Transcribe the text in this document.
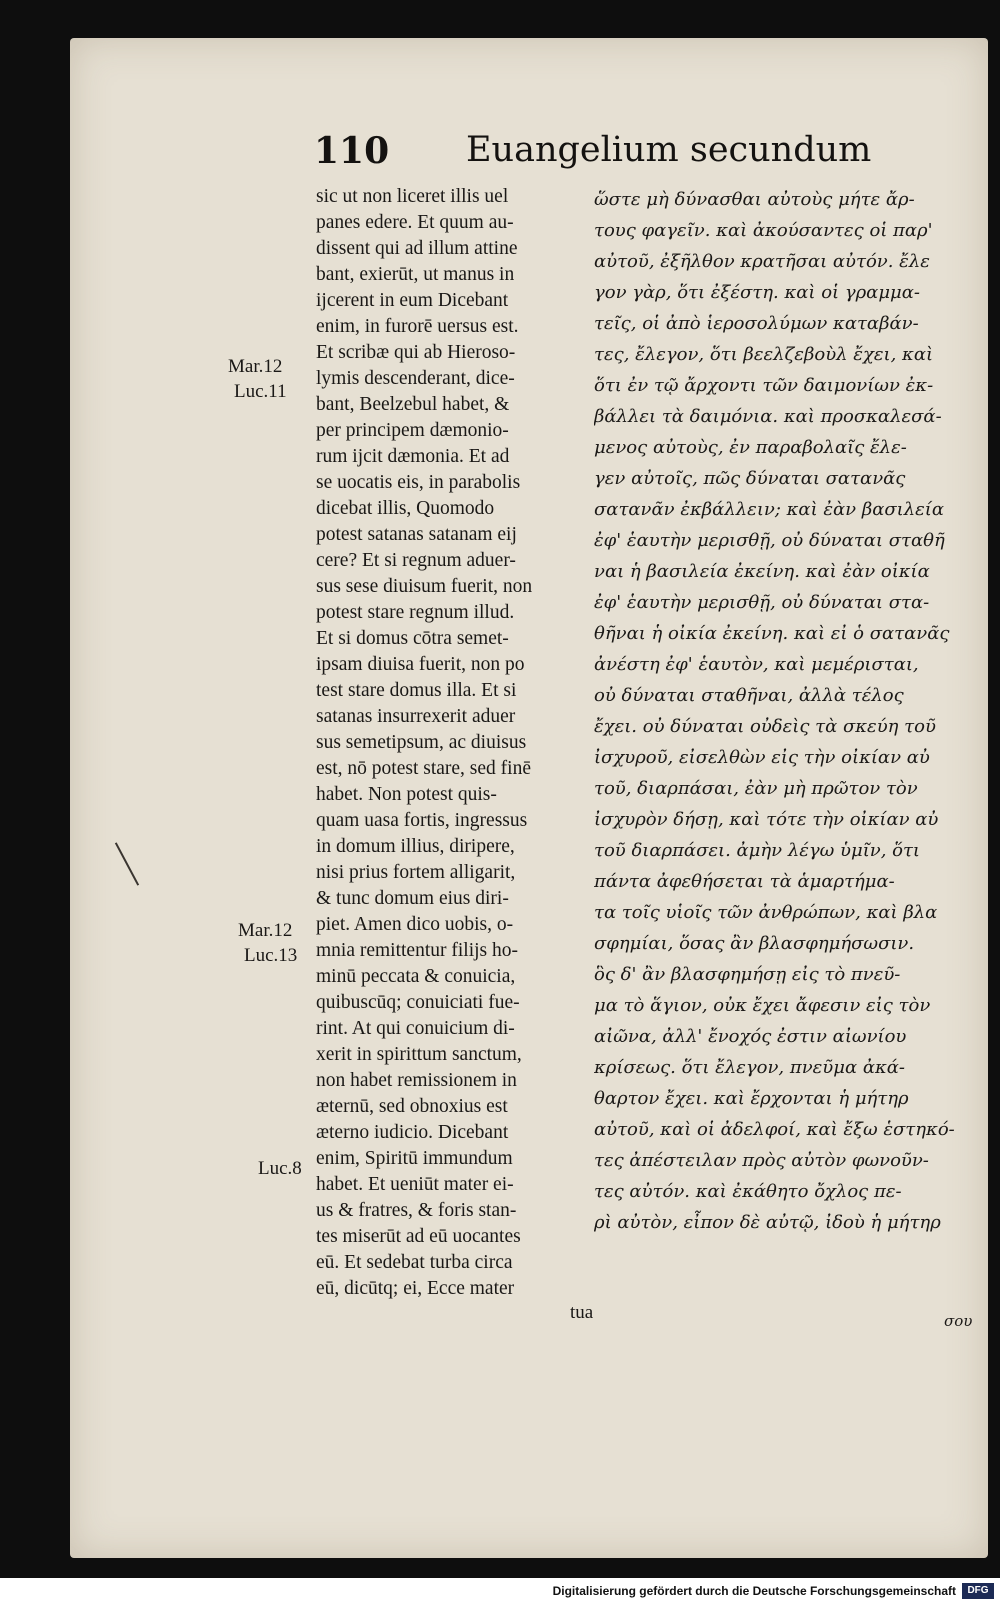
110 Euangelium secundum
Mar.12
Luc.11
Mar.12
Luc.13
Luc.8
sic ut non liceret illis uel
panes edere. Et quum au-
dissent qui ad illum attine
bant, exierūt, ut manus in
ijcerent in eum Dicebant
enim, in furorē uersus est.
Et scribæ qui ab Hieroso-
lymis descenderant, dice-
bant, Beelzebul habet, &
per principem dæmonio-
rum ijcit dæmonia. Et ad
se uocatis eis, in parabolis
dicebat illis, Quomodo
potest satanas satanam eij
cere? Et si regnum aduer-
sus sese diuisum fuerit, non
potest stare regnum illud.
Et si domus cōtra semet-
ipsam diuisa fuerit, non po
test stare domus illa. Et si
satanas insurrexerit aduer
sus semetipsum, ac diuisus
est, nō potest stare, sed finē
habet. Non potest quis-
quam uasa fortis, ingressus
in domum illius, diripere,
nisi prius fortem alligarit,
& tunc domum eius diri-
piet. Amen dico uobis, o-
mnia remittentur filijs ho-
minū peccata & conuicia,
quibuscūq; conuiciati fue-
rint. At qui conuicium di-
xerit in spirittum sanctum,
non habet remissionem in
æternū, sed obnoxius est
æterno iudicio. Dicebant
enim, Spiritū immundum
habet. Et ueniūt mater ei-
us & fratres, & foris stan-
tes miserūt ad eū uocantes
eū. Et sedebat turba circa
eū, dicūtq; ei, Ecce mater
tua
ὥστε μὴ δύνασθαι αὐτοὺς μήτε ἄρ-
τους φαγεῖν. καὶ ἀκούσαντες οἱ παρ'
αὐτοῦ, ἐξῆλθον κρατῆσαι αὐτόν. ἔλε
γον γὰρ, ὅτι ἐξέστη. καὶ οἱ γραμμα-
τεῖς, οἱ ἀπὸ ἱεροσολύμων καταβάν-
τες, ἔλεγον, ὅτι βεελζεβοὺλ ἔχει, καὶ
ὅτι ἐν τῷ ἄρχοντι τῶν δαιμονίων ἐκ-
βάλλει τὰ δαιμόνια. καὶ προσκαλεσά-
μενος αὐτοὺς, ἐν παραβολαῖς ἔλε-
γεν αὐτοῖς, πῶς δύναται σατανᾶς
σατανᾶν ἐκβάλλειν; καὶ ἐὰν βασιλεία
ἐφ' ἑαυτὴν μερισθῇ, οὐ δύναται σταθῆ
ναι ἡ βασιλεία ἐκείνη. καὶ ἐὰν οἰκία
ἐφ' ἑαυτὴν μερισθῇ, οὐ δύναται στα-
θῆναι ἡ οἰκία ἐκείνη. καὶ εἰ ὁ σατανᾶς
ἀνέστη ἐφ' ἑαυτὸν, καὶ μεμέρισται,
οὐ δύναται σταθῆναι, ἀλλὰ τέλος
ἔχει. οὐ δύναται οὐδεὶς τὰ σκεύη τοῦ
ἰσχυροῦ, εἰσελθὼν εἰς τὴν οἰκίαν αὐ
τοῦ, διαρπάσαι, ἐὰν μὴ πρῶτον τὸν
ἰσχυρὸν δήσῃ, καὶ τότε τὴν οἰκίαν αὐ
τοῦ διαρπάσει. ἀμὴν λέγω ὑμῖν, ὅτι
πάντα ἀφεθήσεται τὰ ἁμαρτήμα-
τα τοῖς υἱοῖς τῶν ἀνθρώπων, καὶ βλα
σφημίαι, ὅσας ἂν βλασφημήσωσιν.
ὃς δ' ἂν βλασφημήσῃ εἰς τὸ πνεῦ-
μα τὸ ἅγιον, οὐκ ἔχει ἄφεσιν εἰς τὸν
αἰῶνα, ἀλλ' ἔνοχός ἐστιν αἰωνίου
κρίσεως. ὅτι ἔλεγον, πνεῦμα ἀκά-
θαρτον ἔχει. καὶ ἔρχονται ἡ μήτηρ
αὐτοῦ, καὶ οἱ ἀδελφοί, καὶ ἔξω ἑστηκό-
τες ἀπέστειλαν πρὸς αὐτὸν φωνοῦν-
τες αὐτόν. καὶ ἐκάθητο ὄχλος πε-
ρὶ αὐτὸν, εἶπον δὲ αὐτῷ, ἰδοὺ ἡ μήτηρ
σου
Digitalisierung gefördert durch die Deutsche Forschungsgemeinschaft	DFG
